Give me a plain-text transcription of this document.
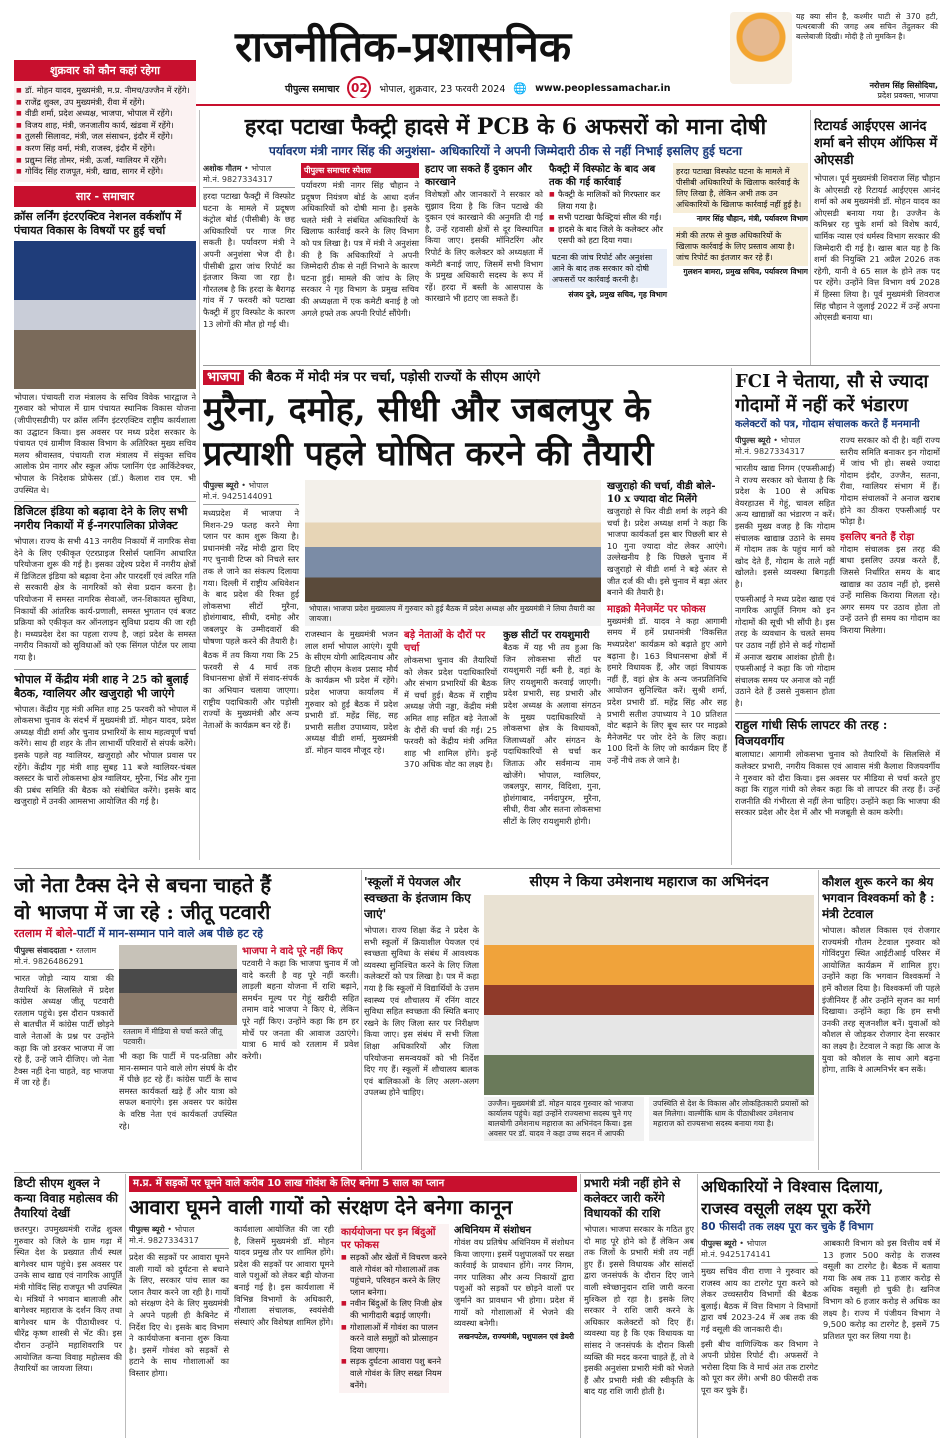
राजनीतिक-प्रशासनिक
पीपुल्स समाचार 02	भोपाल, शुक्रवार, 23 फरवरी 2024 🌐 www.peoplessamachar.in
यह क्या सीन है, कश्मीर घाटी से 370 हटी, पत्थरबाजी की जगह अब सचिन तेंदुलकर की बल्लेबाजी दिखी। मोदी है तो मुमकिन है।
नरोत्तम सिंह सिसोदिया,
प्रदेश प्रवक्ता, भाजपा
शुक्रवार को कौन कहां रहेगा
■ डॉ. मोहन यादव, मुख्यमंत्री, म.प्र. नीमच/उज्जैन में रहेंगे।
■ राजेंद्र शुक्ल, उप मुख्यमंत्री, रीवा में रहेंगे।
■ वीडी शर्मा, प्रदेश अध्यक्ष, भाजपा, भोपाल में रहेंगे।
■ विजय शाह, मंत्री, जनजातीय कार्य, खंडवा में रहेंगे।
■ तुलसी सिलावट, मंत्री, जल संसाधन, इंदौर में रहेंगे।
■ करण सिंह वर्मा, मंत्री, राजस्व, इंदौर में रहेंगे।
■ प्रद्युम्न सिंह तोमर, मंत्री, ऊर्जा, ग्वालियर में रहेंगे।
■ गोविंद सिंह राजपूत, मंत्री, खाद्य, सागर में रहेंगे।
सार - समाचार
क्रॉस लर्निंग इंटरएक्टिव नेशनल वर्कशॉप में पंचायत विकास के विषयों पर हुई चर्चा
भोपाल। पंचायती राज मंत्रालय के सचिव विवेक भारद्वाज ने गुरुवार को भोपाल में ग्राम पंचायत स्थानिक विकास योजना (जीपीएसडीपी) पर क्रॉस लर्निंग इंटरएक्टिव राष्ट्रीय कार्यशाला का उद्घाटन किया। इस अवसर पर मध्य प्रदेश सरकार के पंचायत एवं ग्रामीण विकास विभाग के अतिरिक्त मुख्य सचिव मलय श्रीवास्तव, पंचायती राज मंत्रालय में संयुक्त सचिव आलोक प्रेम नागर और स्कूल ऑफ प्लानिंग एंड आर्किटेक्चर, भोपाल के निदेशक प्रोफेसर (डॉ.) कैलाश राव एम. भी उपस्थित थे।
डिजिटल इंडिया को बढ़ावा देने के लिए सभी नगरीय निकायों में ई-नगरपालिका प्रोजेक्ट
भोपाल। राज्य के सभी 413 नगरीय निकायों में नागरिक सेवा देने के लिए एकीकृत एंटरप्राइज रिसोर्स प्लानिंग आधारित परियोजना शुरू की गई है। इसका उद्देश्य प्रदेश में नगरीय क्षेत्रों में डिजिटल इंडिया को बढ़ावा देना और पारदर्शी एवं त्वरित गति से सरकारी क्षेत्र के नागरिकों को सेवा प्रदान करना है। परियोजना में समस्त नागरिक सेवाओं, जन-शिकायत सुविधा, निकायों की आंतरिक कार्य-प्रणाली, समस्त भुगतान एवं बजट प्रक्रिया को एकीकृत कर ऑनलाइन सुविधा प्रदाय की जा रही है। मध्यप्रदेश देश का पहला राज्य है, जहां प्रदेश के समस्त नगरीय निकायों को सुविधाओं को एक सिंगल पोर्टल पर लाया गया है।
भोपाल में केंद्रीय मंत्री शाह ने 25 को बुलाई बैठक, ग्वालियर और खजुराहो भी जाएंगे
भोपाल। केंद्रीय गृह मंत्री अमित शाह 25 फरवरी को भोपाल में लोकसभा चुनाव के संदर्भ में मुख्यमंत्री डॉ. मोहन यादव, प्रदेश अध्यक्ष वीडी शर्मा और चुनाव प्रभारियों के साथ महत्वपूर्ण चर्चा करेंगे। साथ ही शहर के तीन लाभार्थी परिवारों से संपर्क करेंगे। इसके पहले वह ग्वालियर, खजुराहो और भोपाल प्रवास पर रहेंगे। केंद्रीय गृह मंत्री शाह सुबह 11 बजे ग्वालियर-चंबल क्लस्टर के चारों लोकसभा क्षेत्र ग्वालियर, मुरैना, भिंड और गुना की प्रबंध समिति की बैठक को संबोधित करेंगे। इसके बाद खजुराहो में उनकी आमसभा आयोजित की गई है।
हरदा पटाखा फैक्ट्री हादसे में PCB के 6 अफसरों को माना दोषी
पर्यावरण मंत्री नागर सिंह की अनुशंसा- अधिकारियों ने अपनी जिम्मेदारी ठीक से नहीं निभाई इसलिए हुई घटना
अशोक गौतम • भोपाल
मो.नं. 9827334317
हरदा पटाखा फैक्ट्री में विस्फोट घटना के मामले में प्रदूषण कंट्रोल बोर्ड (पीसीबी) के छह अधिकारियों पर गाज गिर सकती है। पर्यावरण मंत्री ने अपनी अनुशंसा भेज दी है। पीसीबी द्वारा जांच रिपोर्ट का इंतजार किया जा रहा है। गौरतलब है कि हरदा के बैरागढ़ गांव में 7 फरवरी को पटाखा फैक्ट्री में हुए विस्फोट के कारण 13 लोगों की मौत हो गई थी।
पीपुल्स समाचार स्पेशल
पर्यावरण मंत्री नागर सिंह चौहान ने प्रदूषण नियंत्रण बोर्ड के आधा दर्जन अधिकारियों को दोषी माना है। इसके चलते मंत्री ने संबंधित अधिकारियों के खिलाफ कार्रवाई करने के लिए विभाग को पत्र लिखा है। पत्र में मंत्री ने अनुशंसा की है कि अधिकारियों ने अपनी जिम्मेदारी ठीक से नहीं निभाने के कारण घटना हुई। मामले की जांच के लिए सरकार ने गृह विभाग के प्रमुख सचिव की अध्यक्षता में एक कमेटी बनाई है जो अगले हफ्ते तक अपनी रिपोर्ट सौंपेगी।
हटाए जा सकते हैं दुकान और कारखाने
विशेषज्ञों और जानकारों ने सरकार को सुझाव दिया है कि जिन पटाखे की दुकान एवं कारखाने की अनुमति दी गई है, उन्हें रहवासी क्षेत्रों से दूर विस्थापित किया जाए। इसकी मॉनिटरिंग और रिपोर्ट के लिए कलेक्टर को अध्यक्षता में कमेटी बनाई जाए, जिसमें सभी विभाग के प्रमुख अधिकारी सदस्य के रूप में रहें। हरदा में बस्ती के आसपास के कारखाने भी हटाए जा सकते हैं।
फैक्ट्री में विस्फोट के बाद अब तक की गई कार्रवाई
■ फैक्ट्री के मालिकों को गिरफ्तार कर लिया गया है।
■ सभी पटाखा फैक्ट्रियां सील की गईं।
■ हादसे के बाद जिले के कलेक्टर और एसपी को हटा दिया गया।
घटना की जांच रिपोर्ट और अनुशंसा आने के बाद तक सरकार को दोषी अफसरों पर कार्रवाई करनी है।
संजय दुबे, प्रमुख सचिव, गृह विभाग
हरदा पटाखा विस्फोट घटना के मामले में पीसीबी अधिकारियों के खिलाफ कार्रवाई के लिए लिखा है, लेकिन अभी तक उन अधिकारियों के खिलाफ कार्रवाई नहीं हुई है।
नागर सिंह चौहान, मंत्री, पर्यावरण विभाग
मंत्री की तरफ से कुछ अधिकारियों के खिलाफ कार्रवाई के लिए प्रस्ताव आया है। जांच रिपोर्ट का इंतजार कर रहे हैं।
गुलशन बामरा, प्रमुख सचिव, पर्यावरण विभाग
रिटायर्ड आईएएस आनंद शर्मा बने सीएम ऑफिस में ओएसडी
भोपाल। पूर्व मुख्यमंत्री शिवराज सिंह चौहान के ओएसडी रहे रिटायर्ड आईएएस आनंद शर्मा को अब मुख्यमंत्री डॉ. मोहन यादव का ओएसडी बनाया गया है। उज्जैन के कमिश्नर रह चुके शर्मा को विशेष कार्य, धार्मिक न्यास एवं धर्मस्व विभाग सरकार की जिम्मेदारी दी गई है। खास बात यह है कि शर्मा की नियुक्ति 21 अप्रैल 2026 तक रहेगी, यानी वे 65 साल के होने तक पद पर रहेंगे। उन्होंने वित्त विभाग वर्ष 2028 में हिस्सा लिया है। पूर्व मुख्यमंत्री शिवराज सिंह चौहान ने जुलाई 2022 में उन्हें अपना ओएसडी बनाया था।
भाजपा की बैठक में मोदी मंत्र पर चर्चा, पड़ोसी राज्यों के सीएम आएंगे
मुरैना, दमोह, सीधी और जबलपुर के
प्रत्याशी पहले घोषित करने की तैयारी
पीपुल्स ब्यूरो • भोपाल
मो.नं. 9425144091
मध्यप्रदेश में भाजपा ने मिशन-29 फतह करने मेगा प्लान पर काम शुरू किया है। प्रधानमंत्री नरेंद्र मोदी द्वारा दिए गए चुनावी टिप्स को निचले स्तर तक ले जाने का संकल्प दिलाया गया। दिल्ली में राष्ट्रीय अधिवेशन के बाद प्रदेश की रिक्त हुई लोकसभा सीटों मुरैना, होशंगाबाद, सीधी, दमोह और जबलपुर के उम्मीदवारों की घोषणा पहले करने की तैयारी है।
बैठक में तय किया गया कि 25 फरवरी से 4 मार्च तक विधानसभा क्षेत्रों में संवाद-संपर्क का अभियान चलाया जाएगा। राष्ट्रीय पदाधिकारी और पड़ोसी राज्यों के मुख्यमंत्री और अन्य नेताओं के कार्यक्रम बन रहे हैं।
भोपाल। भाजपा प्रदेश मुख्यालय में गुरुवार को हुई बैठक में प्रदेश अध्यक्ष और मुख्यमंत्री ने लिया तैयारी का जायजा।
राजस्थान के मुख्यमंत्री भजन लाल शर्मा भोपाल आएंगे। यूपी के सीएम योगी आदित्यनाथ और डिप्टी सीएम केशव प्रसाद मौर्य के कार्यक्रम भी प्रदेश में रहेंगे। प्रदेश भाजपा कार्यालय में गुरुवार को हुई बैठक में प्रदेश प्रभारी डॉ. महेंद्र सिंह, सह प्रभारी सतीश उपाध्याय, प्रदेश अध्यक्ष वीडी शर्मा, मुख्यमंत्री डॉ. मोहन यादव मौजूद रहे।
बड़े नेताओं के दौरों पर चर्चा
लोकसभा चुनाव की तैयारियों को लेकर प्रदेश पदाधिकारियों और संभाग प्रभारियों की बैठक में चर्चा हुई। बैठक में राष्ट्रीय अध्यक्ष जेपी नड्डा, केंद्रीय मंत्री अमित शाह सहित बड़े नेताओं के दौरों की चर्चा की गई। 25 फरवरी को केंद्रीय मंत्री अमित शाह भी शामिल होंगे। इन्हें 370 अधिक वोट का लक्ष्य है।
कुछ सीटों पर रायशुमारी
बैठक में यह भी तय हुआ कि जिन लोकसभा सीटों पर रायशुमारी नहीं बनी है, वहां के लिए रायशुमारी करवाई जाएगी। प्रदेश प्रभारी, सह प्रभारी और प्रदेश अध्यक्ष के अलावा संगठन के मुख्य पदाधिकारियों ने लोकसभा क्षेत्र के विधायकों, जिलाध्यक्षों और संगठन के पदाधिकारियों से चर्चा कर जिताऊ और सर्वमान्य नाम खोजेंगे। भोपाल, ग्वालियर, जबलपुर, सागर, विदिशा, गुना, होशंगाबाद, नर्मदापुरम, मुरैना, सीधी, रीवा और सतना लोकसभा सीटों के लिए रायशुमारी होगी।
खजुराहो की चर्चा, वीडी बोले- 10 x ज्यादा वोट मिलेंगे
खजुराहो से फिर वीडी शर्मा के लड़ने की चर्चा है। प्रदेश अध्यक्ष शर्मा ने कहा कि भाजपा कार्यकर्ता इस बार पिछली बार से 10 गुना ज्यादा वोट लेकर आएंगे। उल्लेखनीय है कि पिछले चुनाव में खजुराहो से वीडी शर्मा ने बड़े अंतर से जीत दर्ज की थी। इसे चुनाव में बड़ा अंतर बनाने की तैयारी है।
माइक्रो मैनेजमेंट पर फोकस
मुख्यमंत्री डॉ. यादव ने कहा आगामी समय में हमें प्रधानमंत्री 'विकसित मध्यप्रदेश' कार्यक्रम को बढ़ाते हुए आगे बढ़ाना है। 163 विधानसभा क्षेत्रों में हमारे विधायक हैं, और जहां विधायक नहीं हैं, वहां क्षेत्र के अन्य जनप्रतिनिधि आयोजन सुनिश्चित करें। सुश्री शर्मा, प्रदेश प्रभारी डॉ. महेंद्र सिंह और सह प्रभारी सतीश उपाध्याय ने 10 प्रतिशत वोट बढ़ाने के लिए बूथ स्तर पर माइक्रो मैनेजमेंट पर जोर देने के लिए कहा। 100 दिनों के लिए जो कार्यक्रम दिए हैं उन्हें नीचे तक ले जाने है।
FCI ने चेताया, सौ से ज्यादा
गोदामों में नहीं करें भंडारण
कलेक्टरों को पत्र, गोदाम संचालक करते हैं मनमानी
पीपुल्स ब्यूरो • भोपाल
मो.नं. 9827334317
भारतीय खाद्य निगम (एफसीआई) ने राज्य सरकार को चेताया है कि प्रदेश के 100 से अधिक वेयरहाउस में गेहूं, चावल सहित अन्य खाद्यान्नों का भंडारण न करें। इसकी मुख्य वजह है कि गोदाम संचालक खाद्यान्न उठाने के समय में गोदाम तक के पहुंच मार्ग को खोद देते हैं, गोदाम के ताले नहीं खोलते। इससे व्यवस्था बिगड़ती है।
एफसीआई ने मध्य प्रदेश खाद्य एवं नागरिक आपूर्ति निगम को इन गोदामों की सूची भी सौंपी है। इस तरह के व्यवधान के चलते समय पर उठाव नहीं होने से कई गोदामों में अनाज खराब आशंका होती है। एफसीआई ने कहा कि जो गोदाम संचालक समय पर अनाज को नहीं उठाने देते हैं उससे नुकसान होता है।
राज्य सरकार को दी है। वहीं राज्य स्तरीय समिति बनाकर इन गोदामों में जांच भी हो। सबसे ज्यादा गोदाम इंदौर, उज्जैन, सतना, रीवा, ग्वालियर संभाग में हैं। गोदाम संचालकों ने अनाज खराब होने का ठीकरा एफसीआई पर फोड़ा है।
इसलिए बनते हैं रोड़ा
गोदाम संचालक इस तरह की बाधा इसलिए उत्पन्न करते हैं, जिससे निर्धारित समय के बाद खाद्यान्न का उठाव नहीं हो, इससे उन्हें मासिक किराया मिलता रहे। अगर समय पर उठाव होता तो उन्हें उतने ही समय का गोदाम का किराया मिलेगा।
राहुल गांधी सिर्फ लापटर की तरह : विजयवर्गीय
बालाघाट। आगामी लोकसभा चुनाव को तैयारियों के सिलसिले में कलेक्टर प्रभारी, नगरीय विकास एवं आवास मंत्री कैलाश विजयवर्गीय ने गुरुवार को दौरा किया। इस अवसर पर मीडिया से चर्चा करते हुए कहा कि राहुल गांधी को लेकर कहा कि वो लापटर की तरह हैं। उन्हें राजनीति की गंभीरता से नहीं लेना चाहिए। उन्होंने कहा कि भाजपा की सरकार प्रदेश और देश में और भी मजबूती से काम करेगी।
जो नेता टैक्स देने से बचना चाहते हैं
वो भाजपा में जा रहे : जीतू पटवारी
रतलाम में बोले-पार्टी में मान-सम्मान पाने वाले अब पीछे हट रहे
पीपुल्स संवाददाता • रतलाम
मो.नं. 9826486291
भारत जोड़ो न्याय यात्रा की तैयारियों के सिलसिले में प्रदेश कांग्रेस अध्यक्ष जीतू पटवारी रतलाम पहुंचे। इस दौरान पत्रकारों से बातचीत में कांग्रेस पार्टी छोड़ने वाले नेताओं के प्रश्न पर उन्होंने कहा कि जो डरकर भाजपा में जा रहे हैं, उन्हें जाने दीजिए। जो नेता टैक्स नहीं देना चाहते, वह भाजपा में जा रहे हैं।
रतलाम में मीडिया से चर्चा करते जीतू पटवारी।
भी कहा कि पार्टी में पद-प्रतिष्ठा और मान-सम्मान पाने वाले लोग संघर्ष के दौर में पीछे हट रहे हैं। कांग्रेस पार्टी के साथ समस्त कार्यकर्ता खड़े हैं और यात्रा को सफल बनाएंगे। इस अवसर पर कांग्रेस के वरिष्ठ नेता एवं कार्यकर्ता उपस्थित रहे।
भाजपा ने वादे पूरे नहीं किए
पटवारी ने कहा कि भाजपा चुनाव में जो वादे करती है वह पूरे नहीं करती। लाड़ली बहना योजना में राशि बढ़ाने, समर्थन मूल्य पर गेहूं खरीदी सहित तमाम वादे भाजपा ने किए थे, लेकिन पूरे नहीं किए। उन्होंने कहा कि हम हर मोर्चे पर जनता की आवाज उठाएंगे। यात्रा 6 मार्च को रतलाम में प्रवेश करेगी।
'स्कूलों में पेयजल और स्वच्छता के इंतजाम किए जाएं'
भोपाल। राज्य शिक्षा केंद्र ने प्रदेश के सभी स्कूलों में क्रियाशील पेयजल एवं स्वच्छता सुविधा के संबंध में आवश्यक व्यवस्था सुनिश्चित करने के लिए जिला कलेक्टरों को पत्र लिखा है। पत्र में कहा गया है कि स्कूलों में विद्यार्थियों के उत्तम स्वास्थ्य एवं शौचालय में रनिंग वाटर सुविधा सहित स्वच्छता की स्थिति बनाए रखने के लिए जिला स्तर पर निरीक्षण किया जाए। इस संबंध में सभी जिला शिक्षा अधिकारियों और जिला परियोजना समन्वयकों को भी निर्देश दिए गए हैं। स्कूलों में शौचालय बालक एवं बालिकाओं के लिए अलग-अलग उपलब्ध होने चाहिए।
सीएम ने किया उमेशनाथ महाराज का अभिनंदन
उज्जैन। मुख्यमंत्री डॉ. मोहन यादव गुरुवार को भाजपा कार्यालय पहुंचे। वहां उन्होंने राज्यसभा सदस्य चुने गए बालयोगी उमेशनाथ महाराज का अभिनंदन किया। इस अवसर पर डॉ. यादव ने कहा उच्च सदन में आपकी
उपस्थिति से देश के विकास और लोकहितकारी प्रयासों को बल मिलेगा। वाल्मीकि धाम के पीठाधीश्वर उमेशनाथ महाराज को राज्यसभा सदस्य बनाया गया है।
कौशल शुरू करने का श्रेय भगवान विश्वकर्मा को है : मंत्री टेटवाल
भोपाल। कौशल विकास एवं रोजगार राज्यमंत्री गौतम टेटवाल गुरुवार को गोविंदपुरा स्थित आईटीआई परिसर में आयोजित कार्यक्रम में शामिल हुए। उन्होंने कहा कि भगवान विश्वकर्मा ने हमें कौशल दिया है। विश्वकर्मा जी पहले इंजीनियर हैं और उन्होंने सृजन का मार्ग दिखाया। उन्होंने कहा कि हम सभी उनकी तरह सृजनशील बनें। युवाओं को कौशल से जोड़कर रोजगार देना सरकार का लक्ष्य है। टेटवाल ने कहा कि आज के युवा को कौशल के साथ आगे बढ़ना होगा, ताकि वे आत्मनिर्भर बन सकें।
डिप्टी सीएम शुक्ल ने कन्या विवाह महोत्सव की तैयारियां देखीं
छतरपुर। उपमुख्यमंत्री राजेंद्र शुक्ल गुरुवार को जिले के ग्राम गढ़ा में स्थित देश के प्रख्यात तीर्थ स्थल बागेश्वर धाम पहुंचे। इस अवसर पर उनके साथ खाद्य एवं नागरिक आपूर्ति मंत्री गोविंद सिंह राजपूत भी उपस्थित थे। मंत्रियों ने भगवान बालाजी और बागेश्वर महाराज के दर्शन किए तथा बागेश्वर धाम के पीठाधीश्वर पं. धीरेंद्र कृष्ण शास्त्री से भेंट की। इस दौरान उन्होंने महाशिवरात्रि पर आयोजित कन्या विवाह महोत्सव की तैयारियों का जायजा लिया।
म.प्र. में सड़कों पर घूमने वाले करीब 10 लाख गोवंश के लिए बनेगा 5 साल का प्लान
आवारा घूमने वाली गायों को संरक्षण देने बनेगा कानून
पीपुल्स ब्यूरो • भोपाल
मो.नं. 9827334317
प्रदेश की सड़कों पर आवारा घूमने वाली गायों को दुर्घटना से बचाने के लिए, सरकार पांच साल का प्लान तैयार करने जा रही है। गायों को संरक्षण देने के लिए मुख्यमंत्री ने अपने पहली ही कैबिनेट में निर्देश दिए थे। इसके बाद विभाग ने कार्ययोजना बनाना शुरू किया है। इसमें गोवंश को सड़कों से हटाने के साथ गोशालाओं का विस्तार होगा।
कार्यशाला आयोजित की जा रही है, जिसमें मुख्यमंत्री डॉ. मोहन यादव प्रमुख तौर पर शामिल होंगे। प्रदेश की सड़कों पर आवारा घूमने वाले पशुओं को लेकर बड़ी योजना बनाई गई है। इस कार्यशाला में विभिन्न विभागों के अधिकारी, गौशाला संचालक, स्वयंसेवी संस्थाएं और विशेषज्ञ शामिल होंगे।
कार्ययोजना पर इन बिंदुओं पर फोकस
■ सड़कों और खेतों में विचरण करने वाले गोवंश को गोशालाओं तक पहुंचाने, परिवहन करने के लिए प्लान बनेगा।
■ नवीन बिंदुओं के लिए निजी क्षेत्र की भागीदारी बढ़ाई जाएगी।
■ गोशालाओं में गोवंश का पालन करने वाले समूहों को प्रोत्साहन दिया जाएगा।
■ सड़क दुर्घटना आवारा पशु बनने वाले गोवंश के लिए सख्त नियम बनेंगे।
अधिनियम में संशोधन
गोवंश वध प्रतिषेध अधिनियम में संशोधन किया जाएगा। इसमें पशुपालकों पर सख्त कार्रवाई के प्रावधान होंगे। नगर निगम, नगर पालिका और अन्य निकायों द्वारा पशुओं को सड़कों पर छोड़ने वालों पर जुर्माने का प्रावधान भी होगा। प्रदेश में गायों को गोशालाओं में भेजने की व्यवस्था बनेगी।
लखनपटेल, राज्यमंत्री, पशुपालन एवं डेयरी
प्रभारी मंत्री नहीं होने से कलेक्टर जारी करेंगे विधायकों की राशि
भोपाल। भाजपा सरकार के गठित हुए दो माह पूरे होने को हैं लेकिन अब तक जिलों के प्रभारी मंत्री तय नहीं हुए हैं। इससे विधायक और सांसदों द्वारा जनसंपर्क के दौरान दिए जाने वाली स्वेच्छानुदान राशि जारी करना मुश्किल हो रहा है। इसके लिए सरकार ने राशि जारी करने के अधिकार कलेक्टरों को दिए हैं। व्यवस्था यह है कि एक विधायक या सांसद ने जनसंपर्क के दौरान किसी व्यक्ति की मदद करना चाहते हैं, तो वे इसकी अनुशंसा प्रभारी मंत्री को भेजते हैं और प्रभारी मंत्री की स्वीकृति के बाद यह राशि जारी होती है।
अधिकारियों ने विश्वास दिलाया,
राजस्व वसूली लक्ष्य पूरा करेंगे
80 फीसदी तक लक्ष्य पूरा कर चुके हैं विभाग
पीपुल्स ब्यूरो • भोपाल
मो.नं. 9425174141
मुख्य सचिव वीरा राणा ने गुरुवार को राजस्व आय का टारगेट पूरा करने को लेकर उच्चस्तरीय विभागों की बैठक बुलाई। बैठक में वित्त विभाग ने विभागों द्वारा वर्ष 2023-24 में अब तक की गई वसूली की जानकारी दी।
इसी बीच वाणिज्यिक कर विभाग ने अपनी प्रोग्रेस रिपोर्ट दी। अफसरों ने भरोसा दिया कि वे मार्च अंत तक टारगेट को पूरा कर लेंगे। अभी 80 फीसदी तक पूरा कर चुके हैं।
आबकारी विभाग को इस वित्तीय वर्ष में 13 हजार 500 करोड़ के राजस्व वसूली का टारगेट है। बैठक में बताया गया कि अब तक 11 हजार करोड़ से अधिक वसूली हो चुकी है। खनिज विभाग को 6 हजार करोड़ से अधिक का लक्ष्य है। राज्य में पंजीयन विभाग ने 9,500 करोड़ का टारगेट है, इसमें 75 प्रतिशत पूरा कर लिया गया है।
